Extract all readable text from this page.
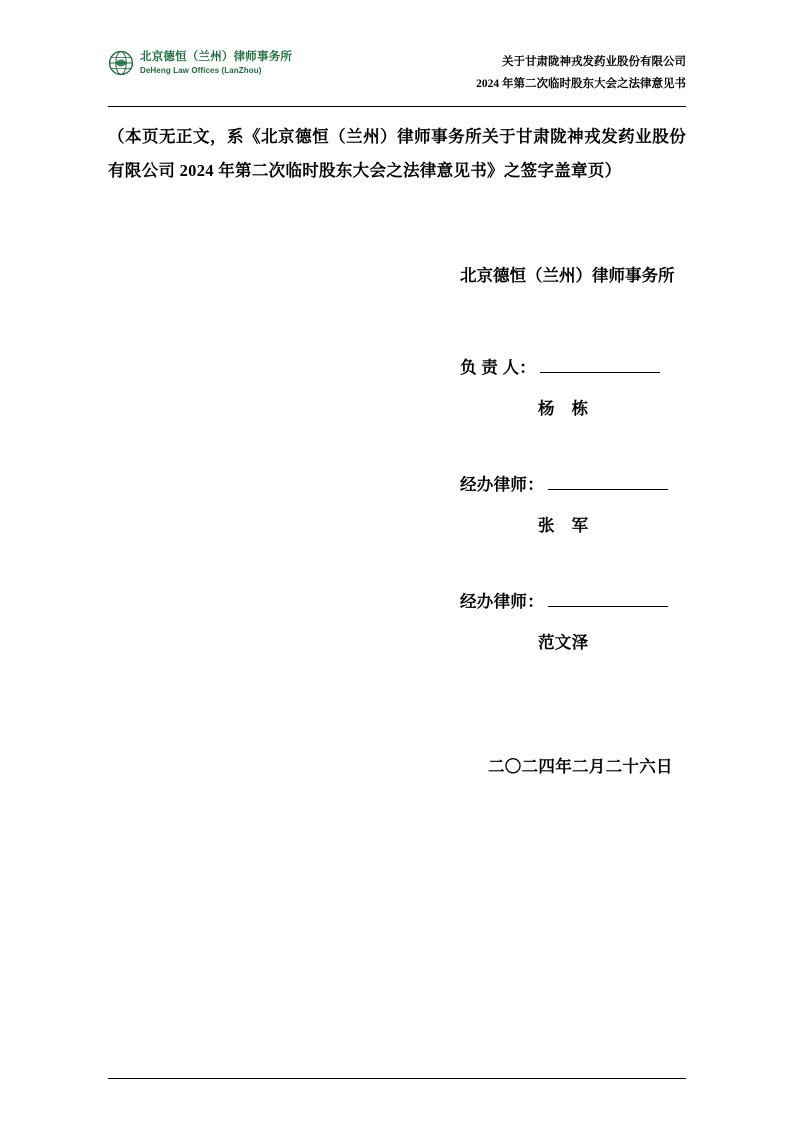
北京德恒（兰州）律师事务所
DeHeng Law Offices (LanZhou)
关于甘肃陇神戎发药业股份有限公司
2024 年第二次临时股东大会之法律意见书
（本页无正文，系《北京德恒（兰州）律师事务所关于甘肃陇神戎发药业股份有限公司 2024 年第二次临时股东大会之法律意见书》之签字盖章页）
北京德恒（兰州）律师事务所
负 责 人：
杨　栋
经办律师：
张　军
经办律师：
范文泽
二〇二四年二月二十六日
